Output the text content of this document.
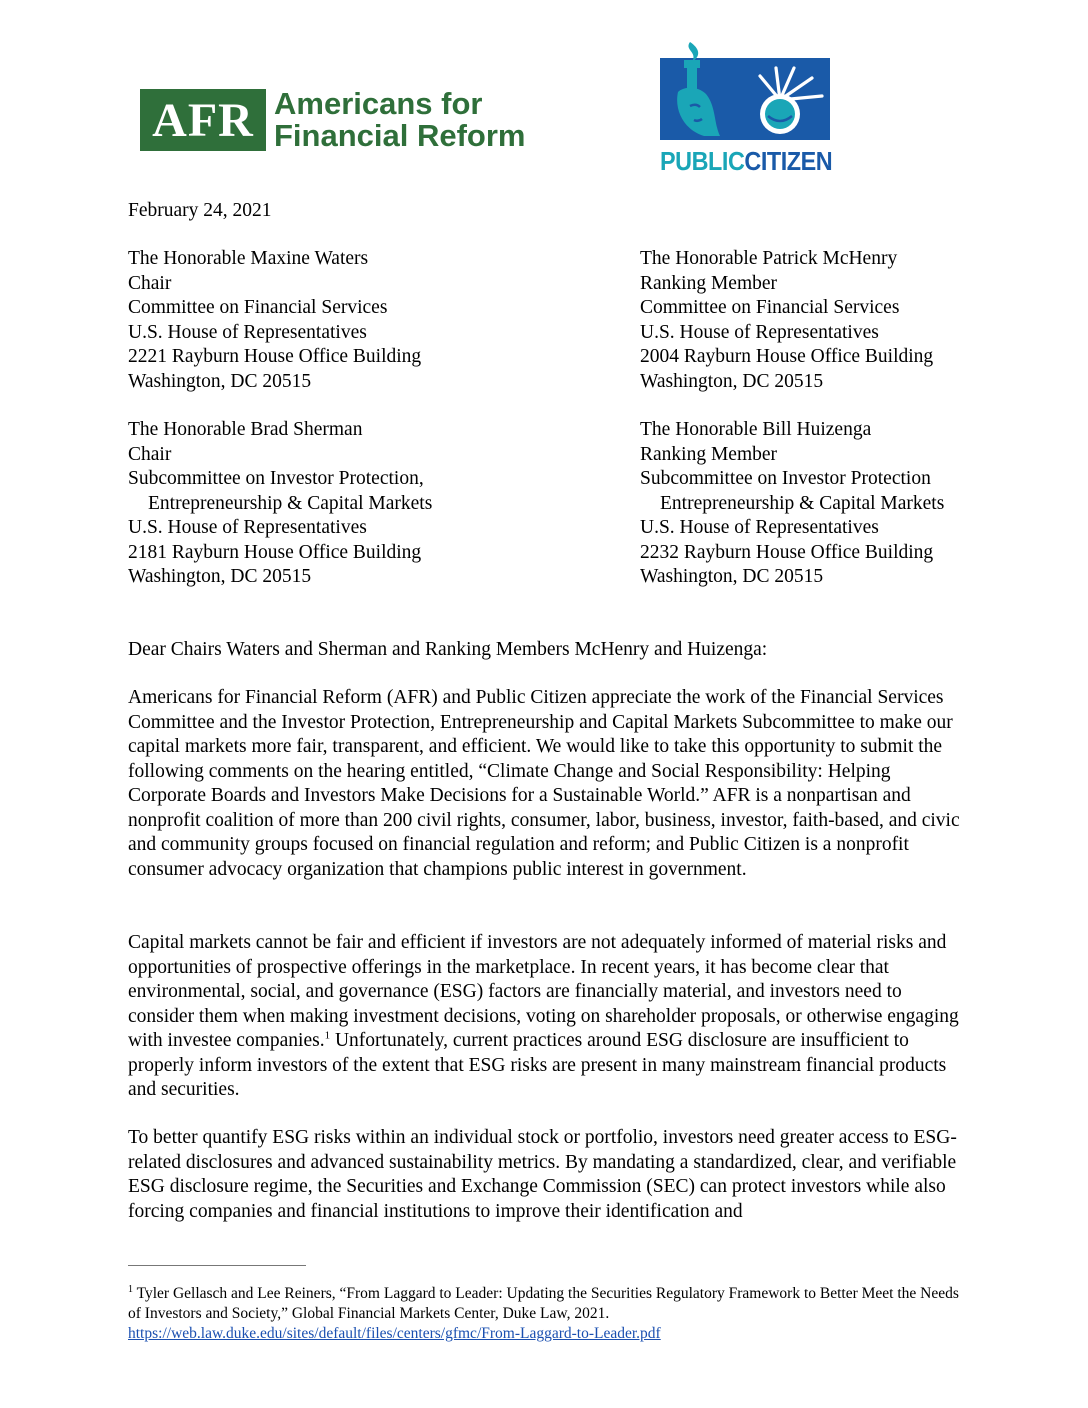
AFR Americans for
Financial Reform
PUBLICCITIZEN
February 24, 2021
The Honorable Maxine Waters
Chair
Committee on Financial Services
U.S. House of Representatives
2221 Rayburn House Office Building
Washington, DC 20515
The Honorable Patrick McHenry
Ranking Member
Committee on Financial Services
U.S. House of Representatives
2004 Rayburn House Office Building
Washington, DC 20515
The Honorable Brad Sherman
Chair
Subcommittee on Investor Protection,
Entrepreneurship & Capital Markets
U.S. House of Representatives
2181 Rayburn House Office Building
Washington, DC 20515
The Honorable Bill Huizenga
Ranking Member
Subcommittee on Investor Protection
Entrepreneurship & Capital Markets
U.S. House of Representatives
2232 Rayburn House Office Building
Washington, DC 20515
Dear Chairs Waters and Sherman and Ranking Members McHenry and Huizenga:

Americans for Financial Reform (AFR) and Public Citizen appreciate the work of the Financial Services Committee and the Investor Protection, Entrepreneurship and Capital Markets Subcommittee to make our capital markets more fair, transparent, and efficient. We would like to take this opportunity to submit the following comments on the hearing entitled, “Climate Change and Social Responsibility: Helping Corporate Boards and Investors Make Decisions for a Sustainable World.” AFR is a nonpartisan and nonprofit coalition of more than 200 civil rights, consumer, labor, business, investor, faith-based, and civic and community groups focused on financial regulation and reform; and Public Citizen is a nonprofit consumer advocacy organization that champions public interest in government.

Capital markets cannot be fair and efficient if investors are not adequately informed of material risks and opportunities of prospective offerings in the marketplace. In recent years, it has become clear that environmental, social, and governance (ESG) factors are financially material, and investors need to consider them when making investment decisions, voting on shareholder proposals, or otherwise engaging with investee companies.$^1$ Unfortunately, current practices around ESG disclosure are insufficient to properly inform investors of the extent that ESG risks are present in many mainstream financial products and securities.

To better quantify ESG risks within an individual stock or portfolio, investors need greater access to ESG-related disclosures and advanced sustainability metrics. By mandating a standardized, clear, and verifiable ESG disclosure regime, the Securities and Exchange Commission (SEC) can protect investors while also forcing companies and financial institutions to improve their identification and

$^1$ Tyler Gellasch and Lee Reiners, “From Laggard to Leader: Updating the Securities Regulatory Framework to Better Meet the Needs of Investors and Society,” Global Financial Markets Center, Duke Law, 2021. https://web.law.duke.edu/sites/default/files/centers/gfmc/From-Laggard-to-Leader.pdf
